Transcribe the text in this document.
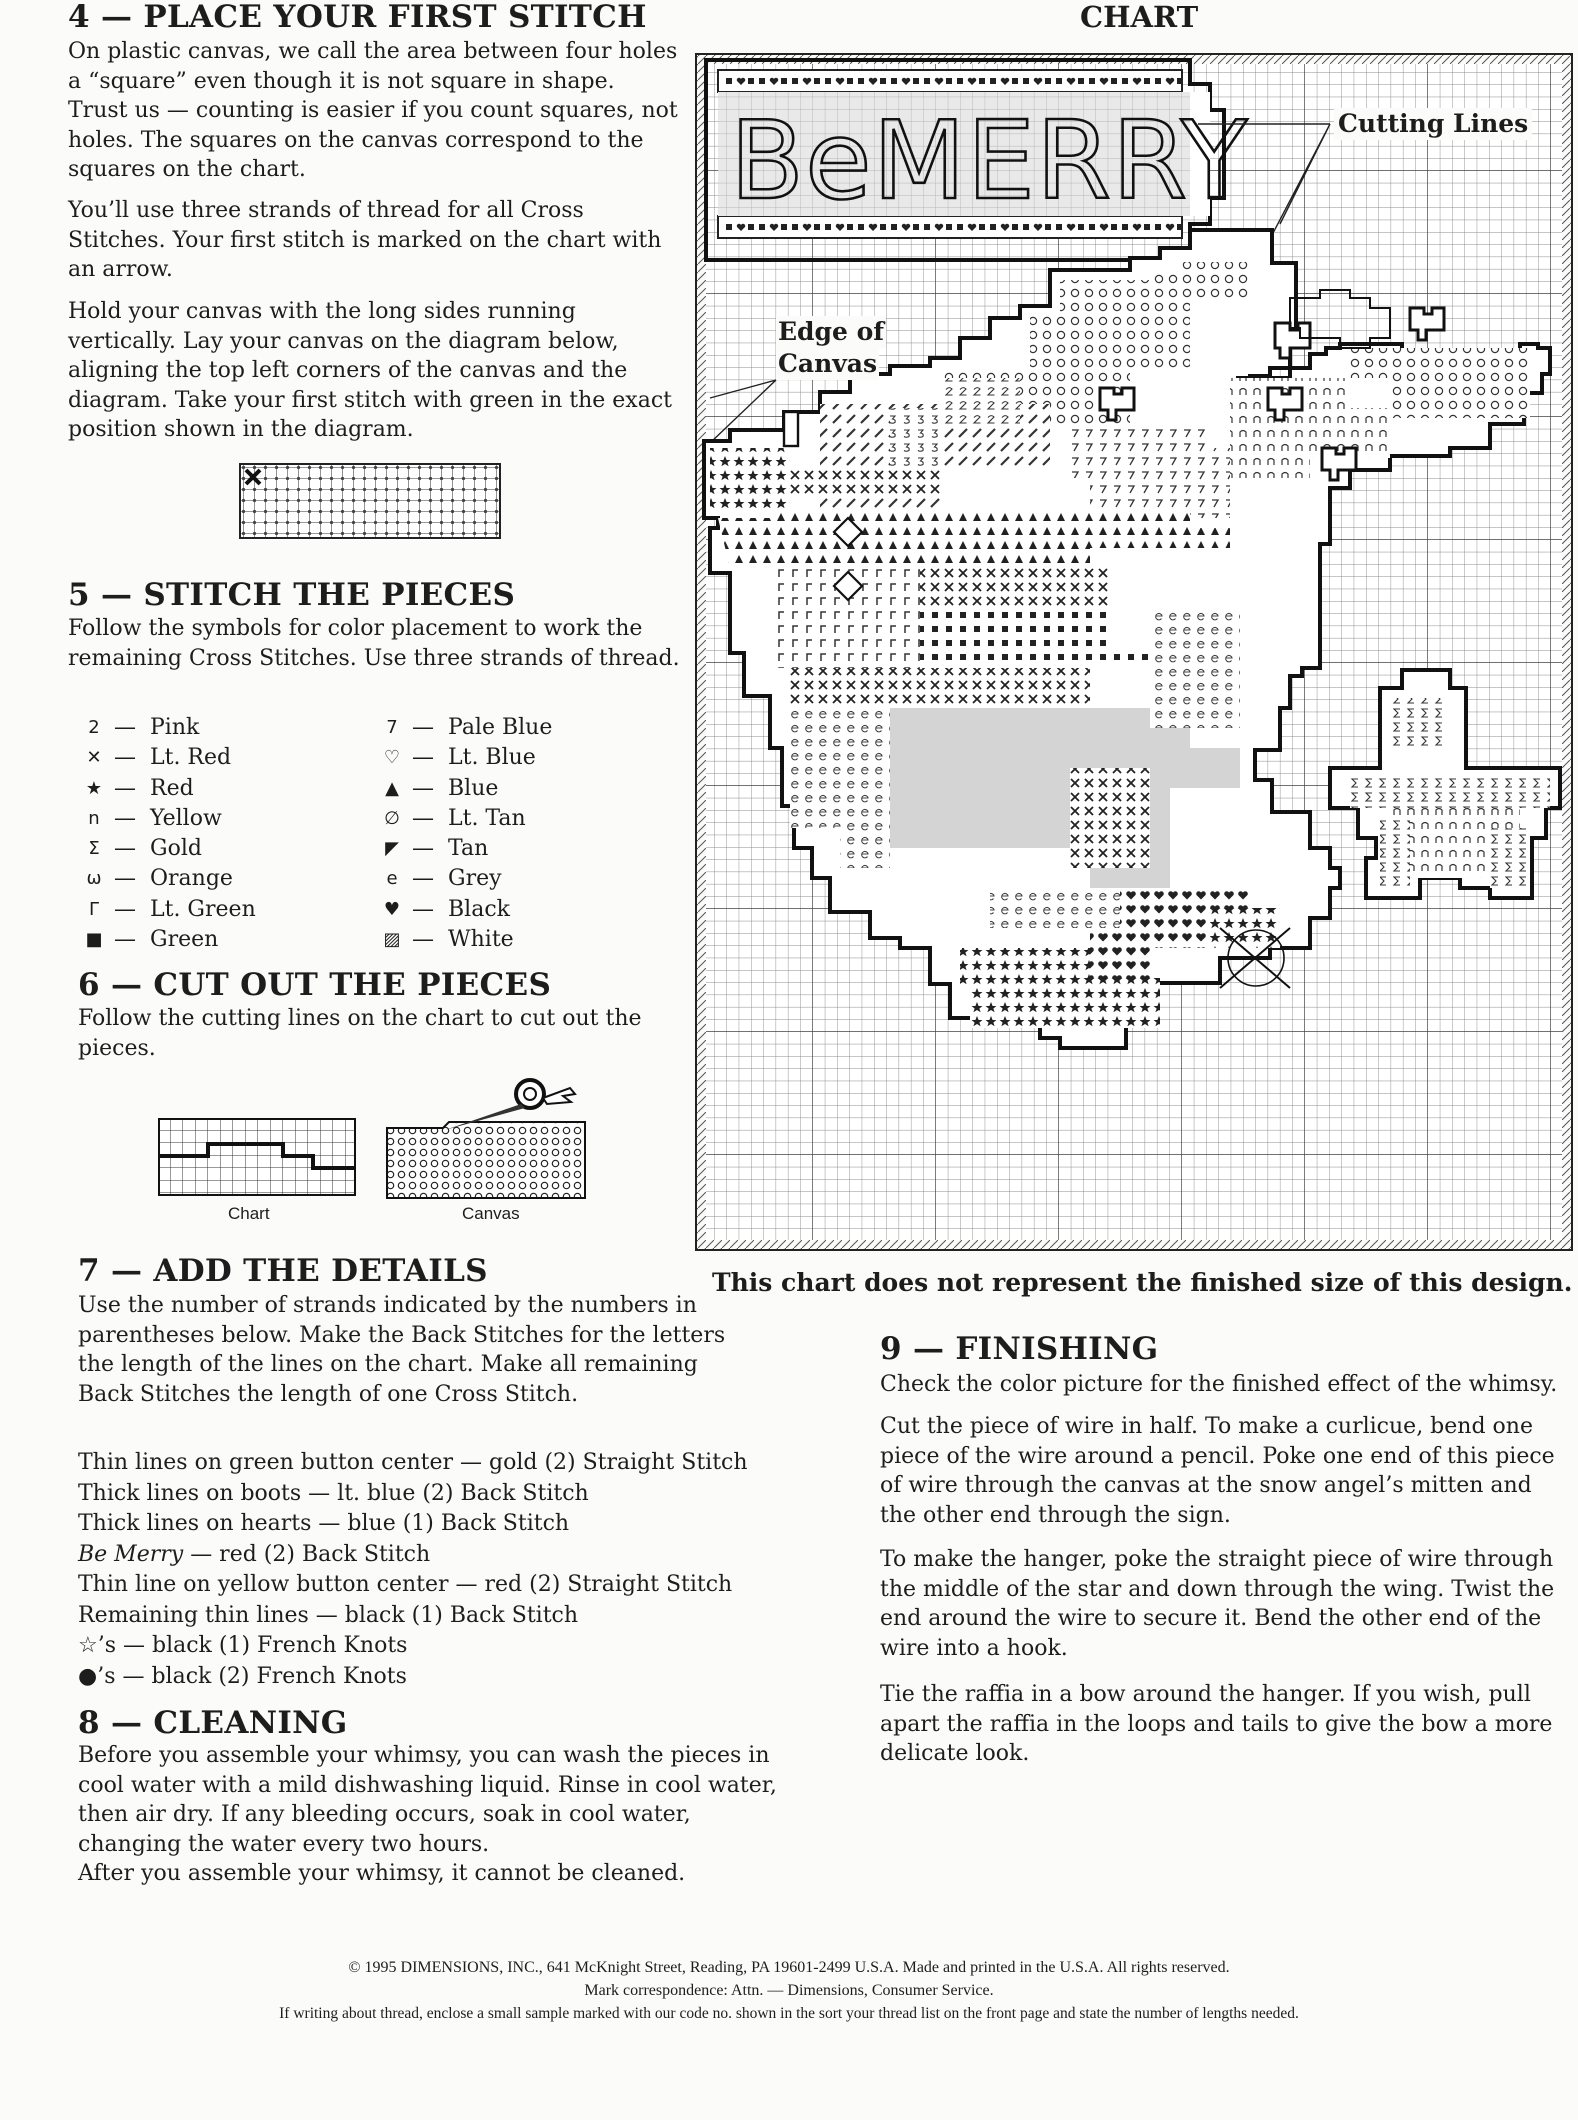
4 — PLACE YOUR FIRST STITCH

On plastic canvas, we call the area between four holes a “square” even though it is not square in shape. Trust us — counting is easier if you count squares, not holes. The squares on the canvas correspond to the squares on the chart.

You’ll use three strands of thread for all Cross Stitches. Your first stitch is marked on the chart with an arrow.

Hold your canvas with the long sides running vertically. Lay your canvas on the diagram below, aligning the top left corners of the canvas and the diagram. Take your first stitch with green in the exact position shown in the diagram.

5 — STITCH THE PIECES

Follow the symbols for color placement to work the remaining Cross Stitches. Use three strands of thread.

2 — Pink
✕ — Lt. Red
★ — Red
n — Yellow
Σ — Gold
ω — Orange
Γ — Lt. Green
■ — Green
7 — Pale Blue
♡ — Lt. Blue
▲ — Blue
∅ — Lt. Tan
◤ — Tan
e — Grey
♥ — Black
▨ — White
6 — CUT OUT THE PIECES

Follow the cutting lines on the chart to cut out the pieces.

Chart	Canvas
7 — ADD THE DETAILS

Use the number of strands indicated by the numbers in parentheses below. Make the Back Stitches for the letters the length of the lines on the chart. Make all remaining Back Stitches the length of one Cross Stitch.

Thin lines on green button center — gold (2) Straight Stitch
Thick lines on boots — lt. blue (2) Back Stitch
Thick lines on hearts — blue (1) Back Stitch
Be Merry — red (2) Back Stitch
Thin line on yellow button center — red (2) Straight Stitch
Remaining thin lines — black (1) Back Stitch
☆’s — black (1) French Knots
●’s — black (2) French Knots
8 — CLEANING

Before you assemble your whimsy, you can wash the pieces in cool water with a mild dishwashing liquid. Rinse in cool water, then air dry. If any bleeding occurs, soak in cool water, changing the water every two hours.

After you assemble your whimsy, it cannot be cleaned.

CHART
BeMERRY	Cutting Lines
Edge of
Canvas
This chart does not represent the finished size of this design.
9 — FINISHING

Check the color picture for the finished effect of the whimsy.

Cut the piece of wire in half. To make a curlicue, bend one piece of the wire around a pencil. Poke one end of this piece of wire through the canvas at the snow angel’s mitten and the other end through the sign.

To make the hanger, poke the straight piece of wire through the middle of the star and down through the wing. Twist the end around the wire to secure it. Bend the other end of the wire into a hook.

Tie the raffia in a bow around the hanger. If you wish, pull apart the raffia in the loops and tails to give the bow a more delicate look.

© 1995 DIMENSIONS, INC., 641 McKnight Street, Reading, PA 19601-2499 U.S.A. Made and printed in the U.S.A. All rights reserved.
Mark correspondence: Attn. — Dimensions, Consumer Service.
If writing about thread, enclose a small sample marked with our code no. shown in the sort your thread list on the front page and state the number of lengths needed.
